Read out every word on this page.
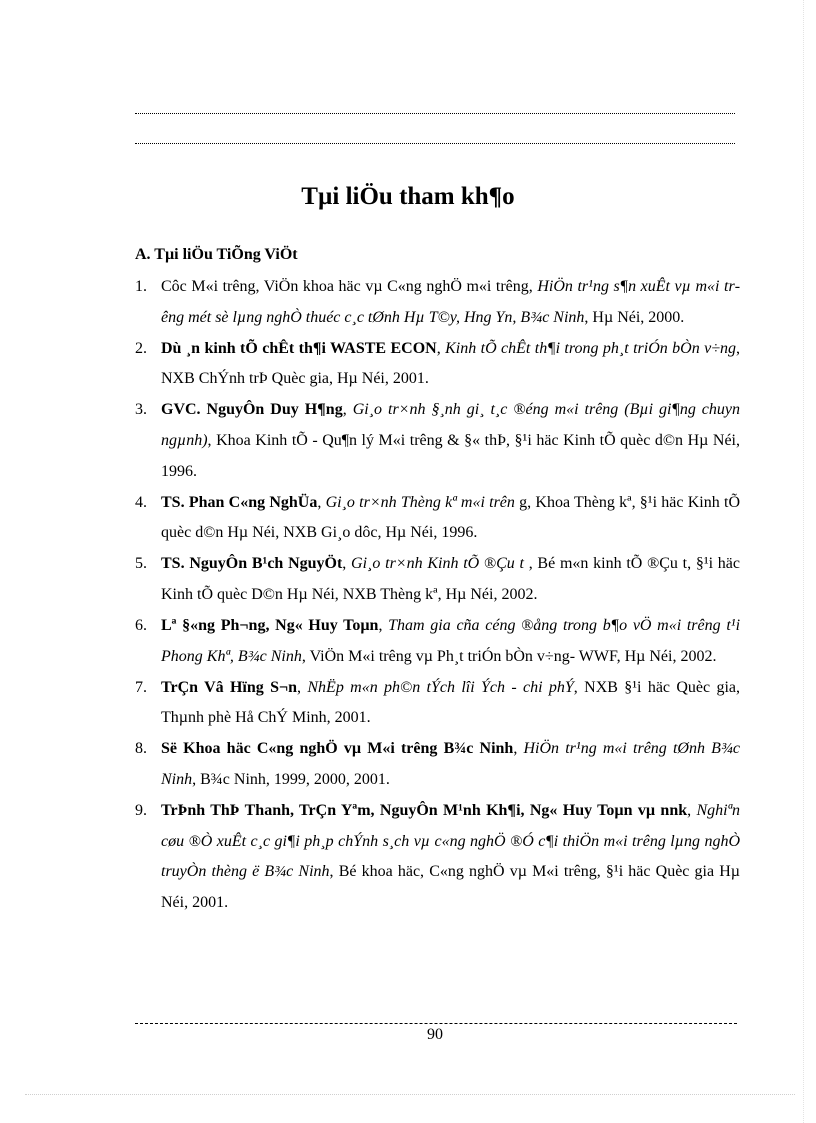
Tµi liÖu tham kh¶o
A. Tµi liÖu TiÕng ViÖt
1. Côc M«i trêng, ViÖn khoa häc vµ C«ng nghÖ m«i trêng, HiÖn tr¹ng s¶n xuÊt vµ m«i trêng mét sè lµng nghÒ thuéc c¸c tØnh Hµ T©y, Hng Yn, B¾c Ninh, Hµ Néi, 2000.
2. Dù ¸n kinh tÕ chÊt th¶i WASTE ECON, Kinh tÕ chÊt th¶i trong ph¸t triÓn bÒn v÷ng, NXB ChÝnh trÞ Quèc gia, Hµ Néi, 2001.
3. GVC. NguyÔn Duy H¶ng, Gi¸o tr×nh §¸nh gi¸ t¸c ®éng m«i trêng (Bµi gi¶ng chuyn ngµnh), Khoa Kinh tÕ - Qu¶n lý M«i trêng & §« thÞ, §¹i häc Kinh tÕ quèc d©n Hµ Néi, 1996.
4. TS. Phan C«ng NghÜa, Gi¸o tr×nh Thèng kª m«i trên g, Khoa Thèng kª, §¹i häc Kinh tÕ quèc d©n Hµ Néi, NXB Gi¸o dôc, Hµ Néi, 1996.
5. TS. NguyÔn B¹ch NguyÖt, Gi¸o tr×nh Kinh tÕ ®Çu t , Bé m«n kinh tÕ ®Çu t, §¹i häc Kinh tÕ quèc D©n Hµ Néi, NXB Thèng kª, Hµ Néi, 2002.
6. Lª §«ng Ph¬ng, Ng« Huy Toµn, Tham gia cña céng ®ång trong b¶o vÖ m«i trêng t¹i Phong Khª, B¾c Ninh, ViÖn M«i trêng vµ Ph¸t triÓn bÒn v÷ng- WWF, Hµ Néi, 2002.
7. TrÇn Vâ Hïng S¬n, NhËp m«n ph©n tÝch lîi Ých - chi phÝ, NXB §¹i häc Quèc gia, Thµnh phè Hå ChÝ Minh, 2001.
8. Së Khoa häc C«ng nghÖ vµ M«i trêng B¾c Ninh, HiÖn tr¹ng m«i trêng tØnh B¾c Ninh, B¾c Ninh, 1999, 2000, 2001.
9. TrÞnh ThÞ Thanh, TrÇn Yªm, NguyÔn M¹nh Kh¶i, Ng« Huy Toµn vµ nnk, Nghiªn cøu ®Ò xuÊt c¸c gi¶i ph¸p chÝnh s¸ch vµ c«ng nghÖ ®Ó c¶i thiÖn m«i trêng lµng nghÒ truyÒn thèng ë B¾c Ninh, Bé khoa häc, C«ng nghÖ vµ M«i trêng, §¹i häc Quèc gia Hµ Néi, 2001.
90
